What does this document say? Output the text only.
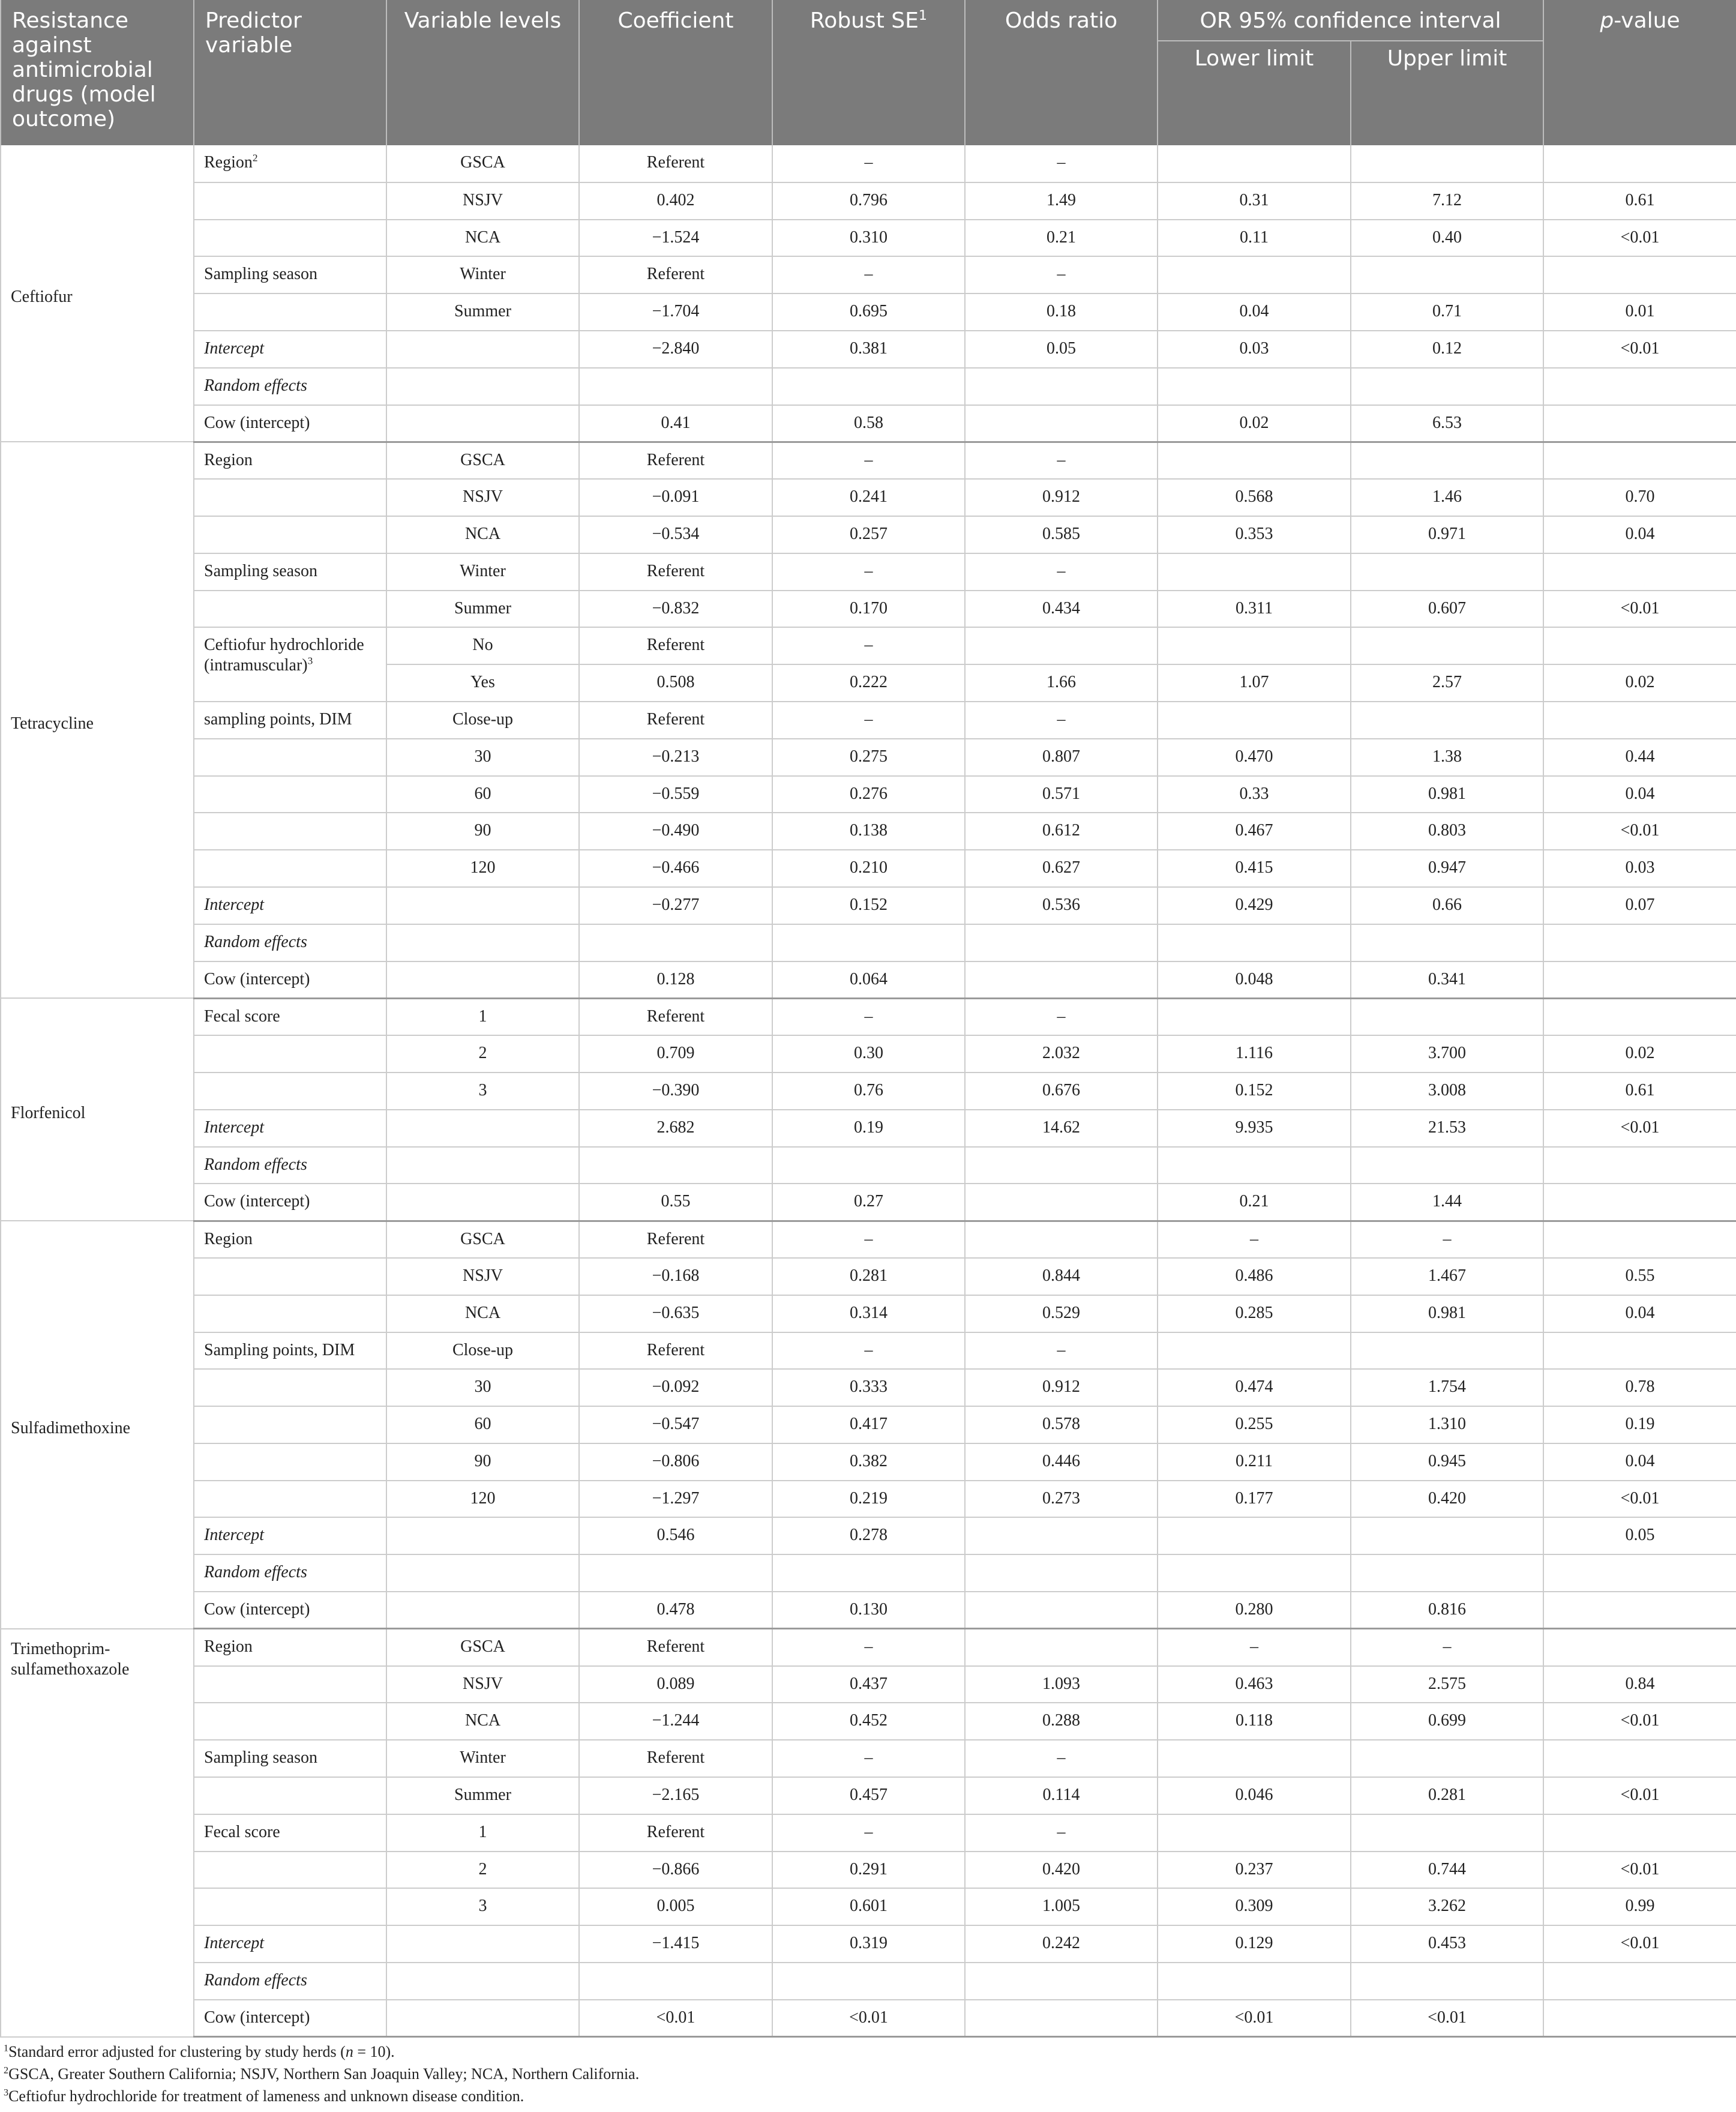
Resistance against antimicrobial drugs (model outcome)	Predictor variable	Variable levels	Coefficient	Robust $SE^1$	Odds ratio	OR 95% confidence interval		p-value
						Lower limit	Upper limit	
Ceftiofur	Region$^2$	GSCA	Referent	–	–			
		NSJV	0.402	0.796	1.49	0.31	7.12	0.61
		NCA	−1.524	0.310	0.21	0.11	0.40	<0.01
	Sampling season	Winter	Referent	–	–			
		Summer	−1.704	0.695	0.18	0.04	0.71	0.01
	Intercept		−2.840	0.381	0.05	0.03	0.12	<0.01
	Random effects							
	Cow (intercept)		0.41	0.58		0.02	6.53	
Tetracycline	Region	GSCA	Referent	–	–			
		NSJV	−0.091	0.241	0.912	0.568	1.46	0.70
		NCA	−0.534	0.257	0.585	0.353	0.971	0.04
	Sampling season	Winter	Referent	–	–			
		Summer	−0.832	0.170	0.434	0.311	0.607	<0.01
	Ceftiofur hydrochloride (intramuscular)$^3$	No	Referent	–				
		Yes	0.508	0.222	1.66	1.07	2.57	0.02
	sampling points, DIM	Close-up	Referent	–	–			
		30	−0.213	0.275	0.807	0.470	1.38	0.44
		60	−0.559	0.276	0.571	0.33	0.981	0.04
		90	−0.490	0.138	0.612	0.467	0.803	<0.01
		120	−0.466	0.210	0.627	0.415	0.947	0.03
	Intercept		−0.277	0.152	0.536	0.429	0.66	0.07
	Random effects							
	Cow (intercept)		0.128	0.064		0.048	0.341	
Florfenicol	Fecal score	1	Referent	–	–			
		2	0.709	0.30	2.032	1.116	3.700	0.02
		3	−0.390	0.76	0.676	0.152	3.008	0.61
	Intercept		2.682	0.19	14.62	9.935	21.53	<0.01
	Random effects							
	Cow (intercept)		0.55	0.27		0.21	1.44	
Sulfadimethoxine	Region	GSCA	Referent	–		–	–	
		NSJV	−0.168	0.281	0.844	0.486	1.467	0.55
		NCA	−0.635	0.314	0.529	0.285	0.981	0.04
	Sampling points, DIM	Close-up	Referent	–	–			
		30	−0.092	0.333	0.912	0.474	1.754	0.78
		60	−0.547	0.417	0.578	0.255	1.310	0.19
		90	−0.806	0.382	0.446	0.211	0.945	0.04
		120	−1.297	0.219	0.273	0.177	0.420	<0.01
	Intercept		0.546	0.278				0.05
	Random effects							
	Cow (intercept)		0.478	0.130		0.280	0.816	
Trimethoprim-sulfamethoxazole	Region	GSCA	Referent	–		–	–	
		NSJV	0.089	0.437	1.093	0.463	2.575	0.84
		NCA	−1.244	0.452	0.288	0.118	0.699	<0.01
	Sampling season	Winter	Referent	–	–			
		Summer	−2.165	0.457	0.114	0.046	0.281	<0.01
	Fecal score	1	Referent	–	–			
		2	−0.866	0.291	0.420	0.237	0.744	<0.01
		3	0.005	0.601	1.005	0.309	3.262	0.99
	Intercept		−1.415	0.319	0.242	0.129	0.453	<0.01
	Random effects							
	Cow (intercept)		<0.01	<0.01		<0.01	<0.01	
$^1$Standard error adjusted for clustering by study herds (n = 10).
$^2$GSCA, Greater Southern California; NSJV, Northern San Joaquin Valley; NCA, Northern California.
$^3$Ceftiofur hydrochloride for treatment of lameness and unknown disease condition.
